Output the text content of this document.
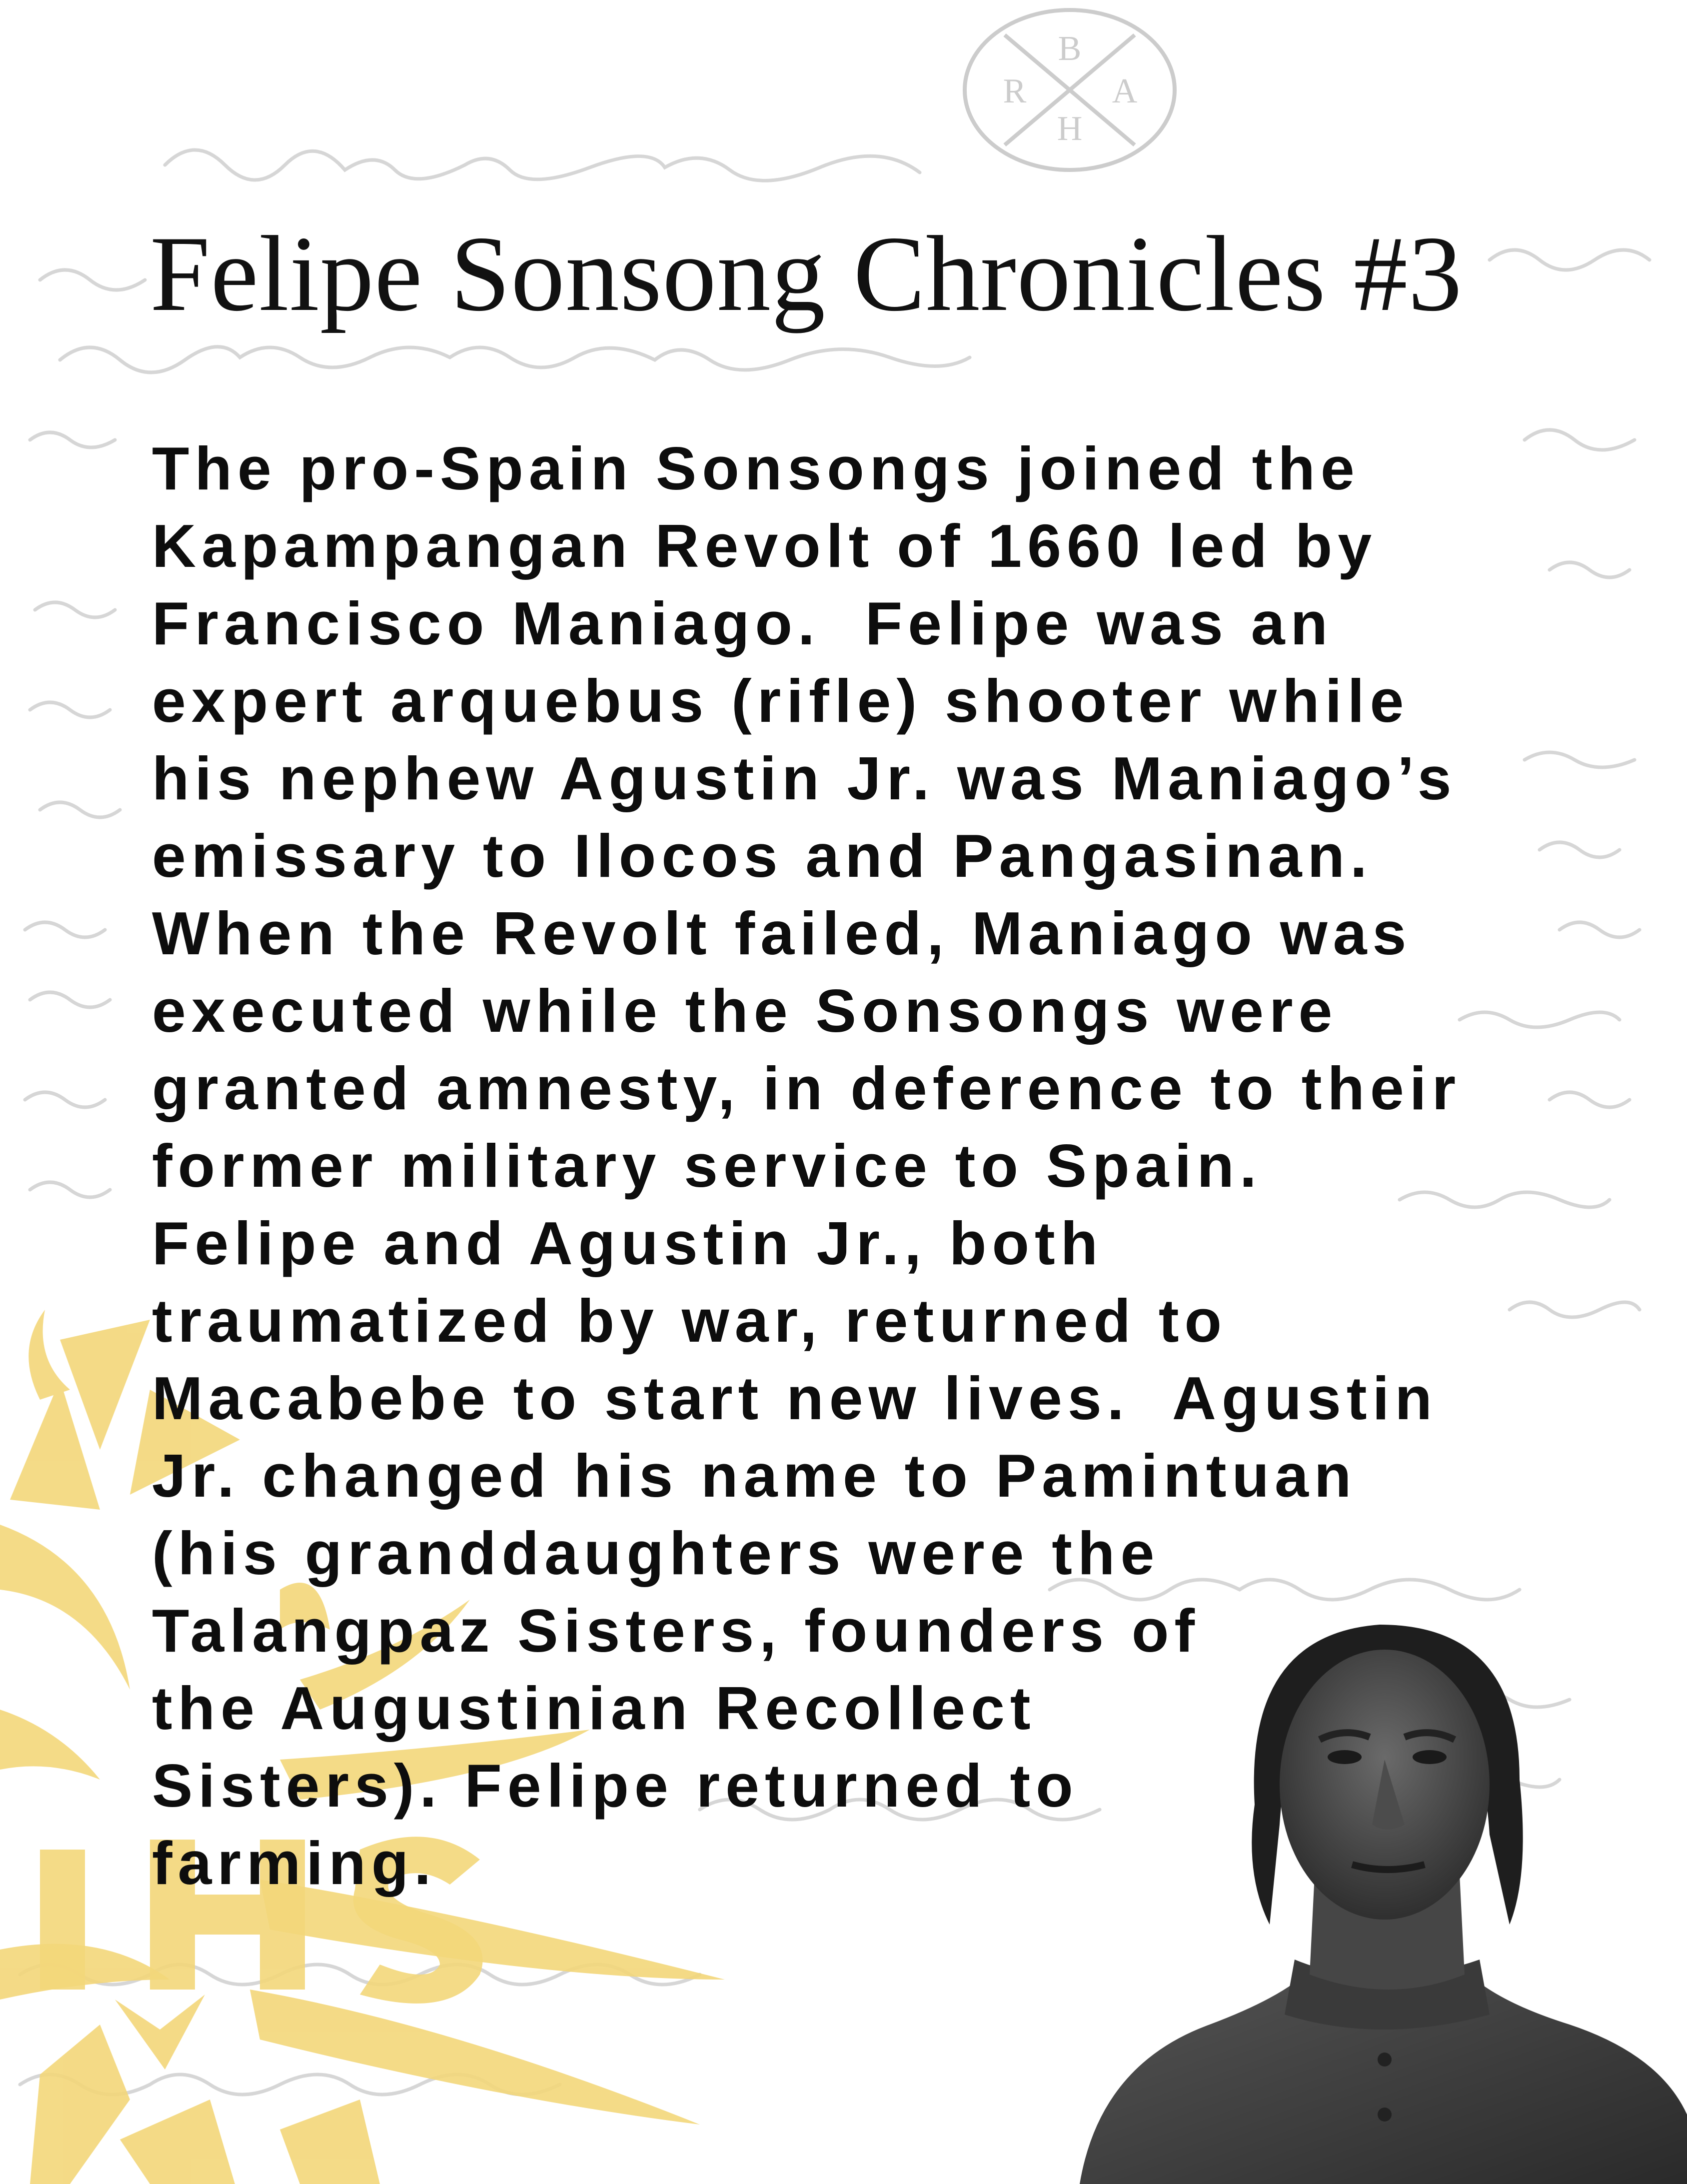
B
R A
H
Felipe Sonsong Chronicles #3
The pro-Spain Sonsongs joined the
Kapampangan Revolt of 1660 led by
Francisco Maniago.  Felipe was an
expert arquebus (rifle) shooter while
his nephew Agustin Jr. was Maniago’s
emissary to Ilocos and Pangasinan.
When the Revolt failed, Maniago was
executed while the Sonsongs were
granted amnesty, in deference to their
former military service to Spain.
Felipe and Agustin Jr., both
traumatized by war, returned to
Macabebe to start new lives.  Agustin
Jr. changed his name to Pamintuan
(his granddaughters were the
Talangpaz Sisters, founders of
the Augustinian Recollect
Sisters). Felipe returned to
farming.
